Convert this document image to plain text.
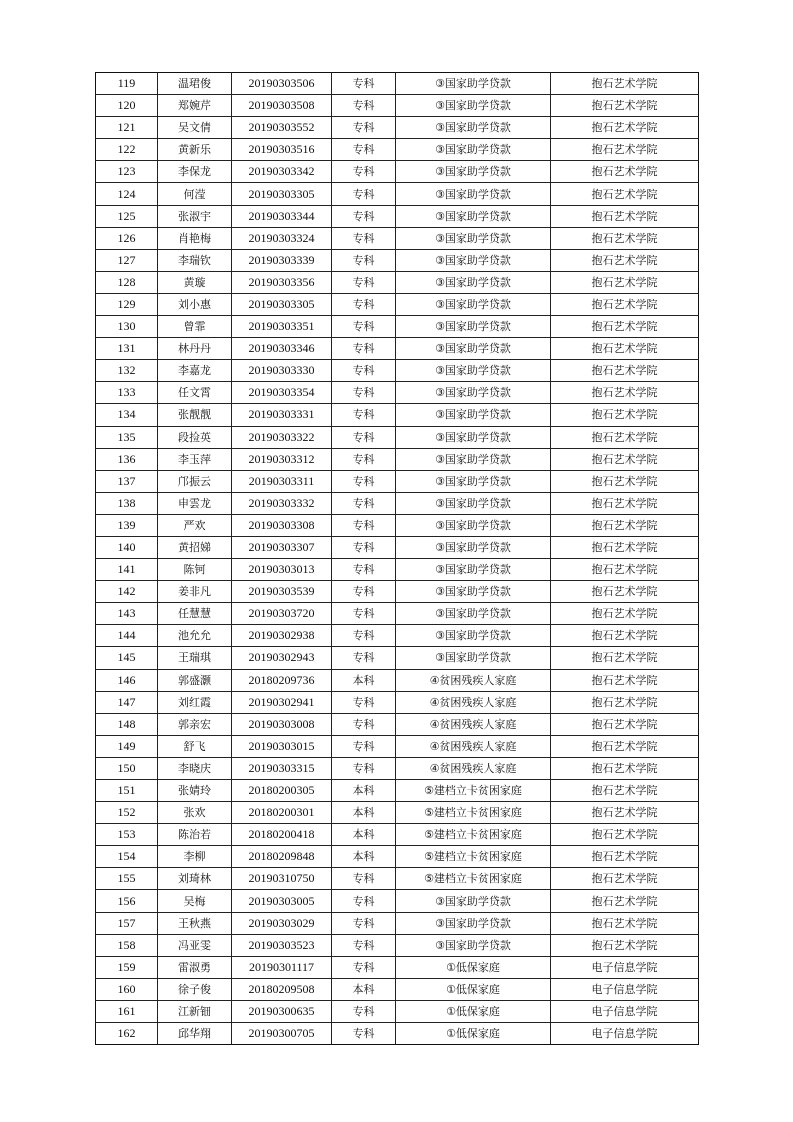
119	温珺俊	20190303506	专科	③国家助学贷款	抱石艺术学院
120	郑婉芹	20190303508	专科	③国家助学贷款	抱石艺术学院
121	吴文倩	20190303552	专科	③国家助学贷款	抱石艺术学院
122	黄新乐	20190303516	专科	③国家助学贷款	抱石艺术学院
123	李保龙	20190303342	专科	③国家助学贷款	抱石艺术学院
124	何滢	20190303305	专科	③国家助学贷款	抱石艺术学院
125	张淑宇	20190303344	专科	③国家助学贷款	抱石艺术学院
126	肖艳梅	20190303324	专科	③国家助学贷款	抱石艺术学院
127	李瑞钦	20190303339	专科	③国家助学贷款	抱石艺术学院
128	黄璇	20190303356	专科	③国家助学贷款	抱石艺术学院
129	刘小惠	20190303305	专科	③国家助学贷款	抱石艺术学院
130	曾霏	20190303351	专科	③国家助学贷款	抱石艺术学院
131	林丹丹	20190303346	专科	③国家助学贷款	抱石艺术学院
132	李嘉龙	20190303330	专科	③国家助学贷款	抱石艺术学院
133	任文霄	20190303354	专科	③国家助学贷款	抱石艺术学院
134	张靓靓	20190303331	专科	③国家助学贷款	抱石艺术学院
135	段捡英	20190303322	专科	③国家助学贷款	抱石艺术学院
136	李玉萍	20190303312	专科	③国家助学贷款	抱石艺术学院
137	邝振云	20190303311	专科	③国家助学贷款	抱石艺术学院
138	申雲龙	20190303332	专科	③国家助学贷款	抱石艺术学院
139	严欢	20190303308	专科	③国家助学贷款	抱石艺术学院
140	黄招娣	20190303307	专科	③国家助学贷款	抱石艺术学院
141	陈钶	20190303013	专科	③国家助学贷款	抱石艺术学院
142	姜非凡	20190303539	专科	③国家助学贷款	抱石艺术学院
143	任慧慧	20190303720	专科	③国家助学贷款	抱石艺术学院
144	池允允	20190302938	专科	③国家助学贷款	抱石艺术学院
145	王瑞琪	20190302943	专科	③国家助学贷款	抱石艺术学院
146	郭盛灏	20180209736	本科	④贫困残疾人家庭	抱石艺术学院
147	刘红霞	20190302941	专科	④贫困残疾人家庭	抱石艺术学院
148	郭亲宏	20190303008	专科	④贫困残疾人家庭	抱石艺术学院
149	舒飞	20190303015	专科	④贫困残疾人家庭	抱石艺术学院
150	李晓庆	20190303315	专科	④贫困残疾人家庭	抱石艺术学院
151	张婧玲	20180200305	本科	⑤建档立卡贫困家庭	抱石艺术学院
152	张欢	20180200301	本科	⑤建档立卡贫困家庭	抱石艺术学院
153	陈治若	20180200418	本科	⑤建档立卡贫困家庭	抱石艺术学院
154	李柳	20180209848	本科	⑤建档立卡贫困家庭	抱石艺术学院
155	刘琦林	20190310750	专科	⑤建档立卡贫困家庭	抱石艺术学院
156	吴梅	20190303005	专科	③国家助学贷款	抱石艺术学院
157	王秋燕	20190303029	专科	③国家助学贷款	抱石艺术学院
158	冯亚雯	20190303523	专科	③国家助学贷款	抱石艺术学院
159	雷淑勇	20190301117	专科	①低保家庭	电子信息学院
160	徐子俊	20180209508	本科	①低保家庭	电子信息学院
161	江新钿	20190300635	专科	①低保家庭	电子信息学院
162	邱华翔	20190300705	专科	①低保家庭	电子信息学院
